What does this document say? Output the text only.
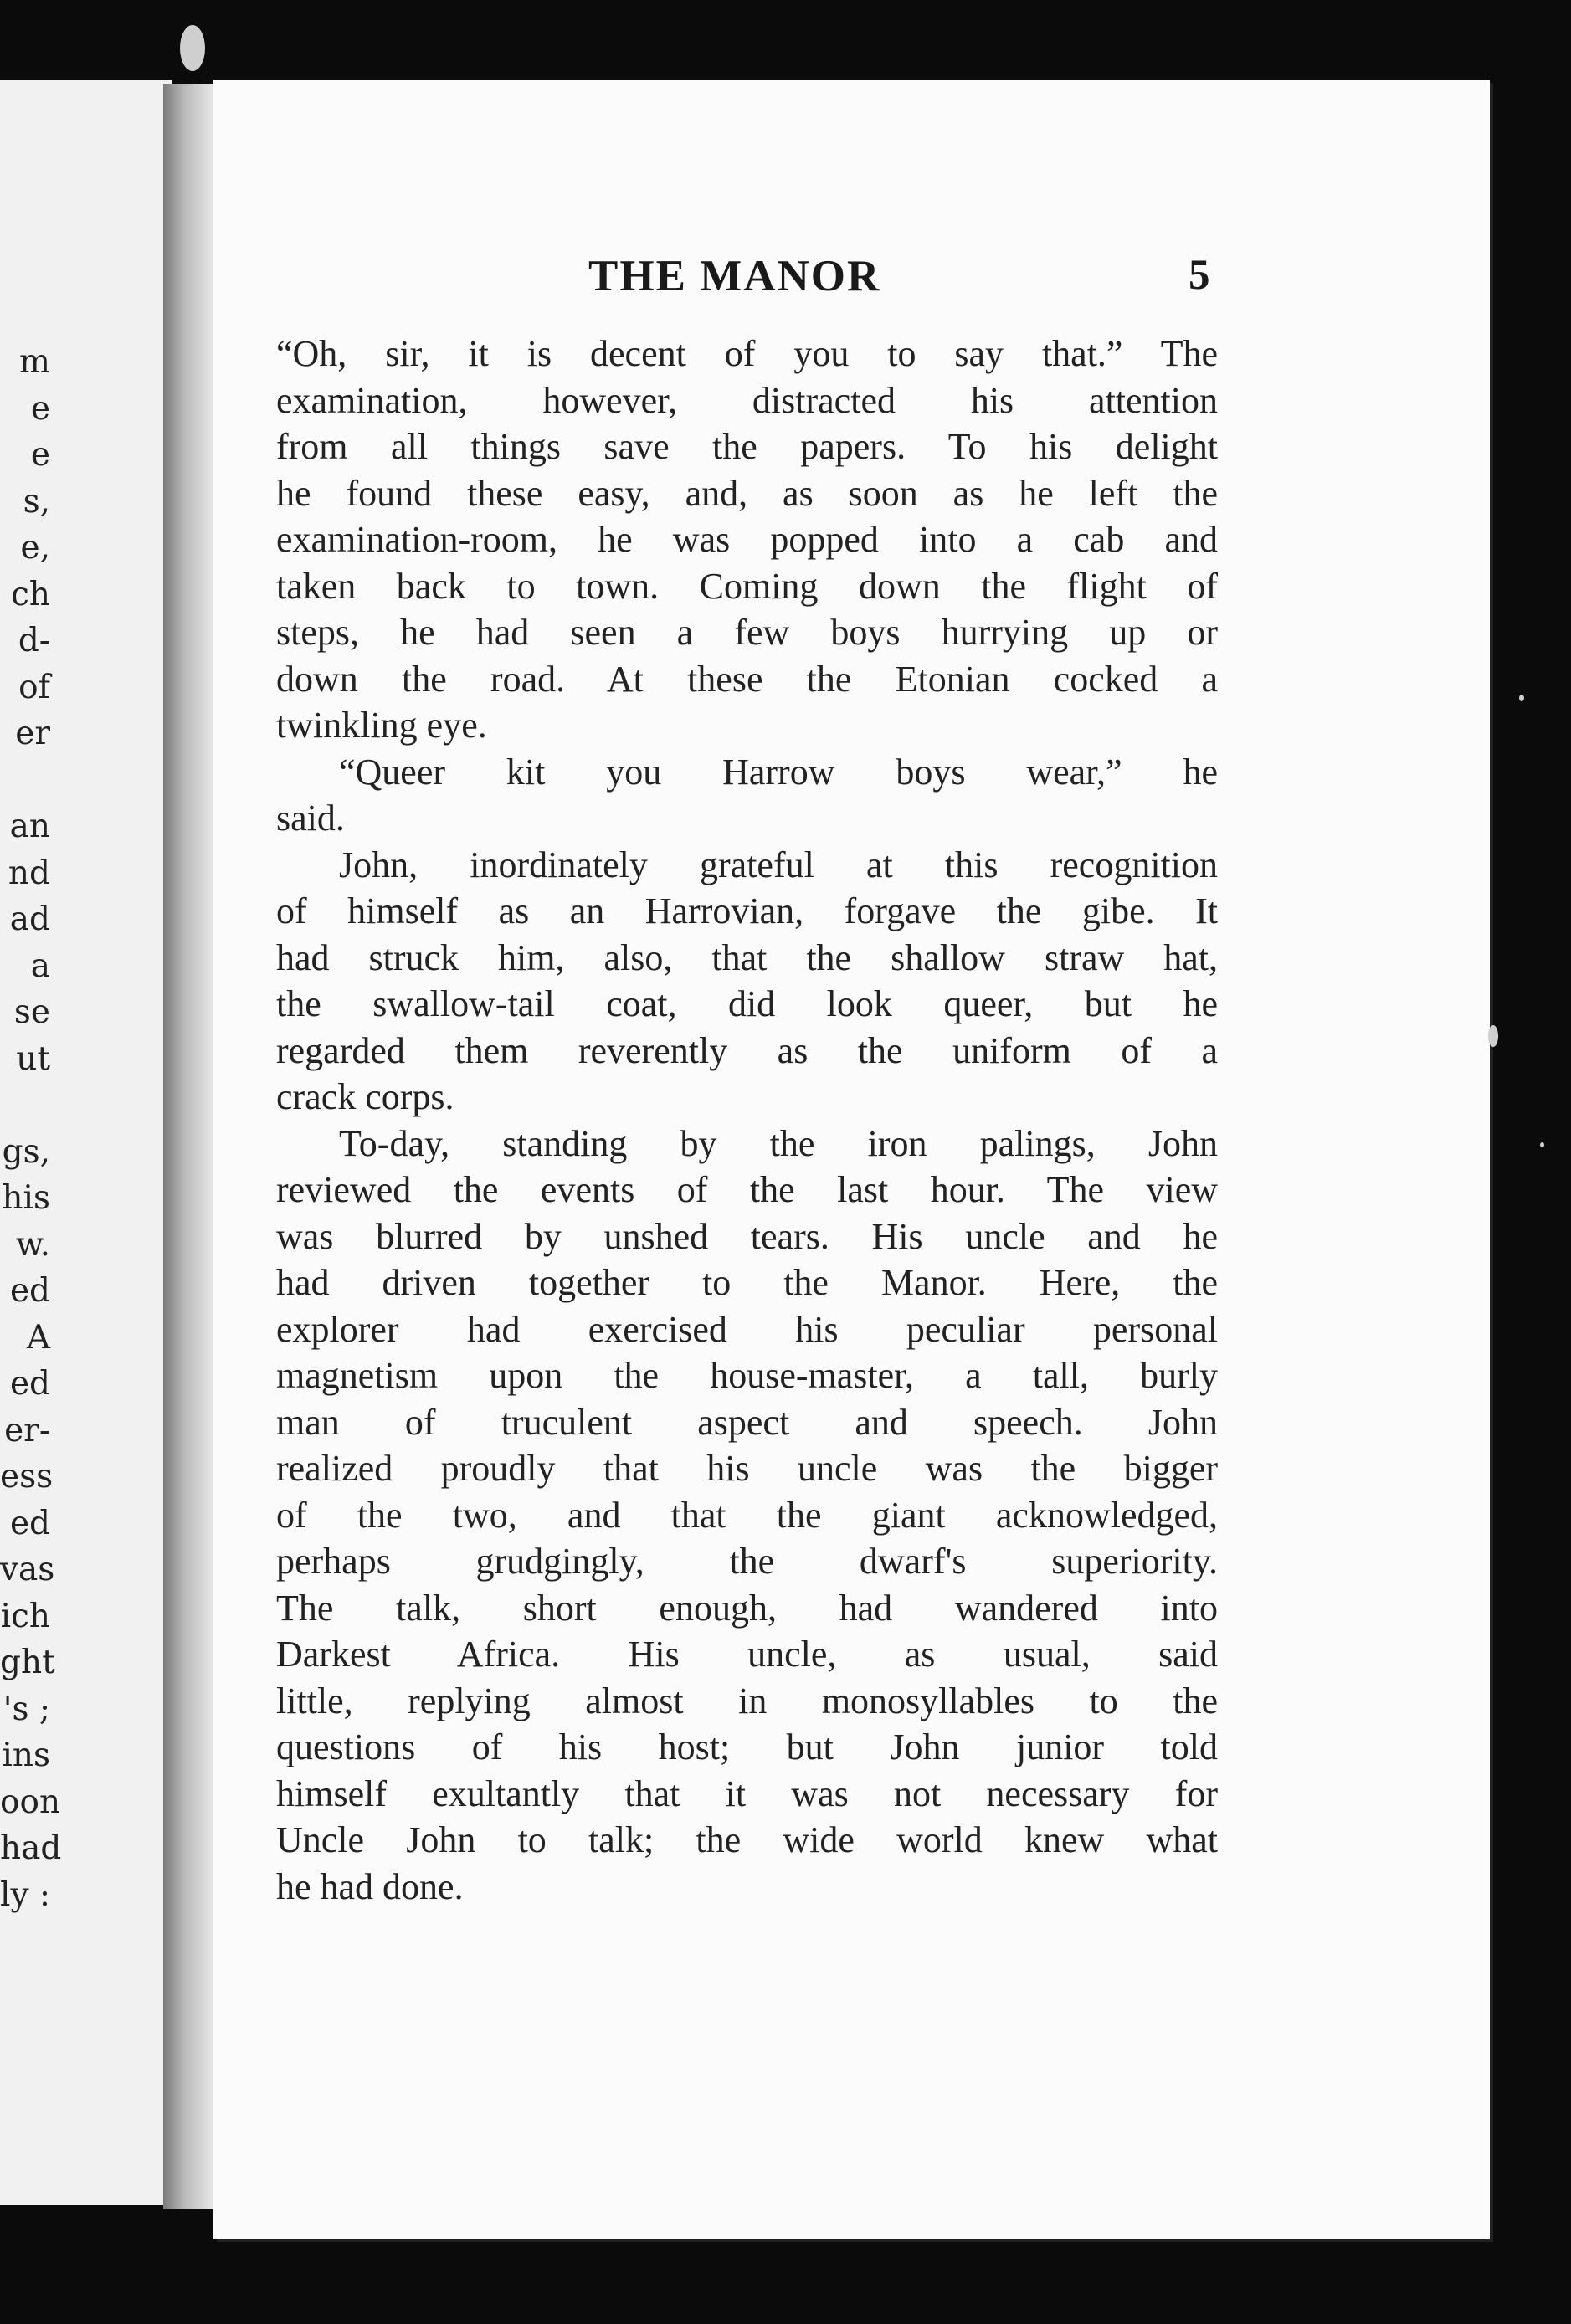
m
e
e
s,
e,
ch
d-
of
er
an
nd
ad
a
se
ut
gs,
his
w.
ed
A
ed
er-
ess
ed
vas
ich
ght
's ;
ins
oon
had
ly :
THE MANOR	5
“Oh, sir, it is decent of you to say that.” The
examination, however, distracted his attention
from all things save the papers. To his delight
he found these easy, and, as soon as he left the
examination-room, he was popped into a cab and
taken back to town. Coming down the flight of
steps, he had seen a few boys hurrying up or
down the road. At these the Etonian cocked a
twinkling eye.
“Queer kit you Harrow boys wear,” he
said.
John, inordinately grateful at this recognition
of himself as an Harrovian, forgave the gibe. It
had struck him, also, that the shallow straw hat,
the swallow-tail coat, did look queer, but he
regarded them reverently as the uniform of a
crack corps.
To-day, standing by the iron palings, John
reviewed the events of the last hour. The view
was blurred by unshed tears. His uncle and he
had driven together to the Manor. Here, the
explorer had exercised his peculiar personal
magnetism upon the house-master, a tall, burly
man of truculent aspect and speech. John
realized proudly that his uncle was the bigger
of the two, and that the giant acknowledged,
perhaps grudgingly, the dwarf's superiority.
The talk, short enough, had wandered into
Darkest Africa. His uncle, as usual, said
little, replying almost in monosyllables to the
questions of his host; but John junior told
himself exultantly that it was not necessary for
Uncle John to talk; the wide world knew what
he had done.
